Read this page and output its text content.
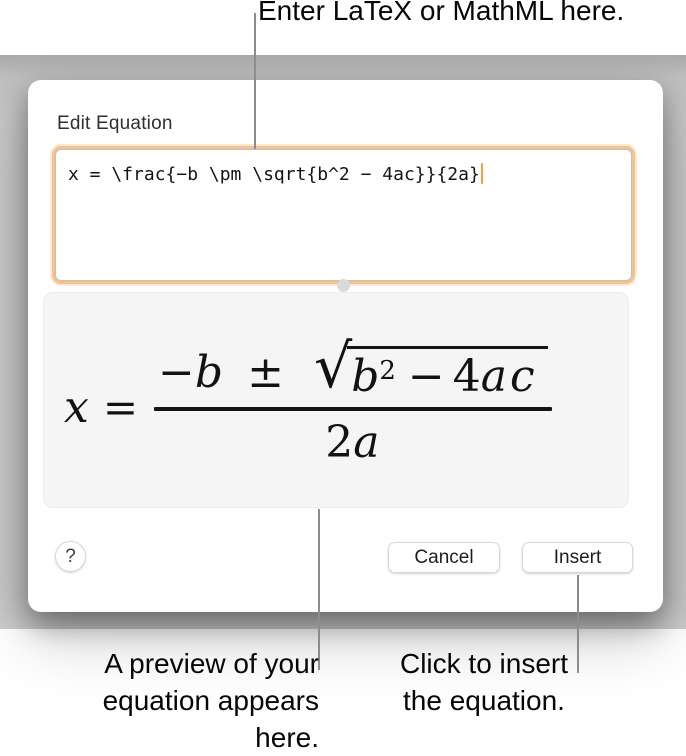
Edit Equation
x = \frac{−b \pm \sqrt{b^2 − 4ac}}{2a}
x =
−b ± √ $b^2 - 4ac$
2a
?	Cancel	Insert
Enter LaTeX or MathML here.
A preview of your
equation appears here.
Click to insert
the equation.
